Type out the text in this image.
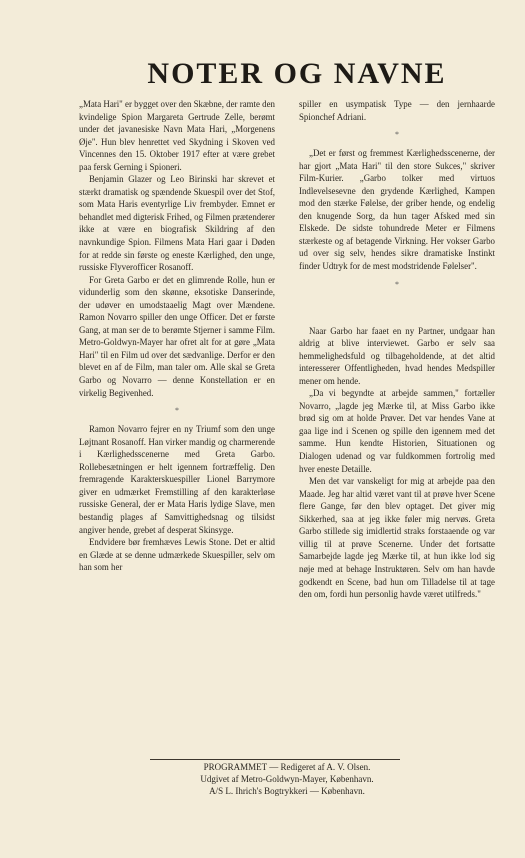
NOTER OG NAVNE

„Mata Hari" er bygget over den Skæbne, der ramte den kvindelige Spion Margareta Gertrude Zelle, berømt under det javanesiske Navn Mata Hari, „Morgenens Øje". Hun blev henrettet ved Skydning i Skoven ved Vincennes den 15. Oktober 1917 efter at være grebet paa fersk Gerning i Spioneri.

Benjamin Glazer og Leo Birinski har skrevet et stærkt dramatisk og spændende Skuespil over det Stof, som Mata Haris eventyrlige Liv frembyder. Emnet er behandlet med digterisk Frihed, og Filmen prætenderer ikke at være en biografisk Skildring af den navnkundige Spion. Filmens Mata Hari gaar i Døden for at redde sin første og eneste Kærlighed, den unge, russiske Flyverofficer Rosanoff.

For Greta Garbo er det en glimrende Rolle, hun er vidunderlig som den skønne, eksotiske Danserinde, der udøver en umodstaaelig Magt over Mændene. Ramon Novarro spiller den unge Officer. Det er første Gang, at man ser de to berømte Stjerner i samme Film. Metro-Goldwyn-Mayer har ofret alt for at gøre „Mata Hari" til en Film ud over det sædvanlige. Derfor er den blevet en af de Film, man taler om. Alle skal se Greta Garbo og Novarro — denne Konstellation er en virkelig Begivenhed.

*

Ramon Novarro fejrer en ny Triumf som den unge Løjtnant Rosanoff. Han virker mandig og charmerende i Kærlighedsscenerne med Greta Garbo. Rollebesætningen er helt igennem fortræffelig. Den fremragende Karakterskuespiller Lionel Barrymore giver en udmærket Fremstilling af den karakterløse russiske General, der er Mata Haris lydige Slave, men bestandig plages af Samvittighedsnag og tilsidst angiver hende, grebet af desperat Skinsyge.

Endvidere bør fremhæves Lewis Stone. Det er altid en Glæde at se denne udmærkede Skuespiller, selv om han som her

spiller en usympatisk Type — den jernhaarde Spionchef Adriani.

*

„Det er først og fremmest Kærlighedsscenerne, der har gjort „Mata Hari" til den store Sukces," skriver Film-Kurier. „Garbo tolker med virtuos Indlevelsesevne den grydende Kærlighed, Kampen mod den stærke Følelse, der griber hende, og endelig den knugende Sorg, da hun tager Afsked med sin Elskede. De sidste tohundrede Meter er Filmens stærkeste og af betagende Virkning. Her vokser Garbo ud over sig selv, hendes sikre dramatiske Instinkt finder Udtryk for de mest modstridende Følelser".

*

Naar Garbo har faaet en ny Partner, undgaar han aldrig at blive interviewet. Garbo er selv saa hemmelighedsfuld og tilbageholdende, at det altid interesserer Offentligheden, hvad hendes Medspiller mener om hende.

„Da vi begyndte at arbejde sammen," fortæller Novarro, „lagde jeg Mærke til, at Miss Garbo ikke brød sig om at holde Prøver. Det var hendes Vane at gaa lige ind i Scenen og spille den igennem med det samme. Hun kendte Historien, Situationen og Dialogen udenad og var fuldkommen fortrolig med hver eneste Detaille.

Men det var vanskeligt for mig at arbejde paa den Maade. Jeg har altid været vant til at prøve hver Scene flere Gange, før den blev optaget. Det giver mig Sikkerhed, saa at jeg ikke føler mig nervøs. Greta Garbo stillede sig imidlertid straks forstaaende og var villig til at prøve Scenerne. Under det fortsatte Samarbejde lagde jeg Mærke til, at hun ikke lod sig nøje med at behage Instruktøren. Selv om han havde godkendt en Scene, bad hun om Tilladelse til at tage den om, fordi hun personlig havde været utilfreds."

PROGRAMMET — Redigeret af A. V. Olsen.
Udgivet af Metro-Goldwyn-Mayer, København.
A/S L. Ihrich's Bogtrykkeri — København.
